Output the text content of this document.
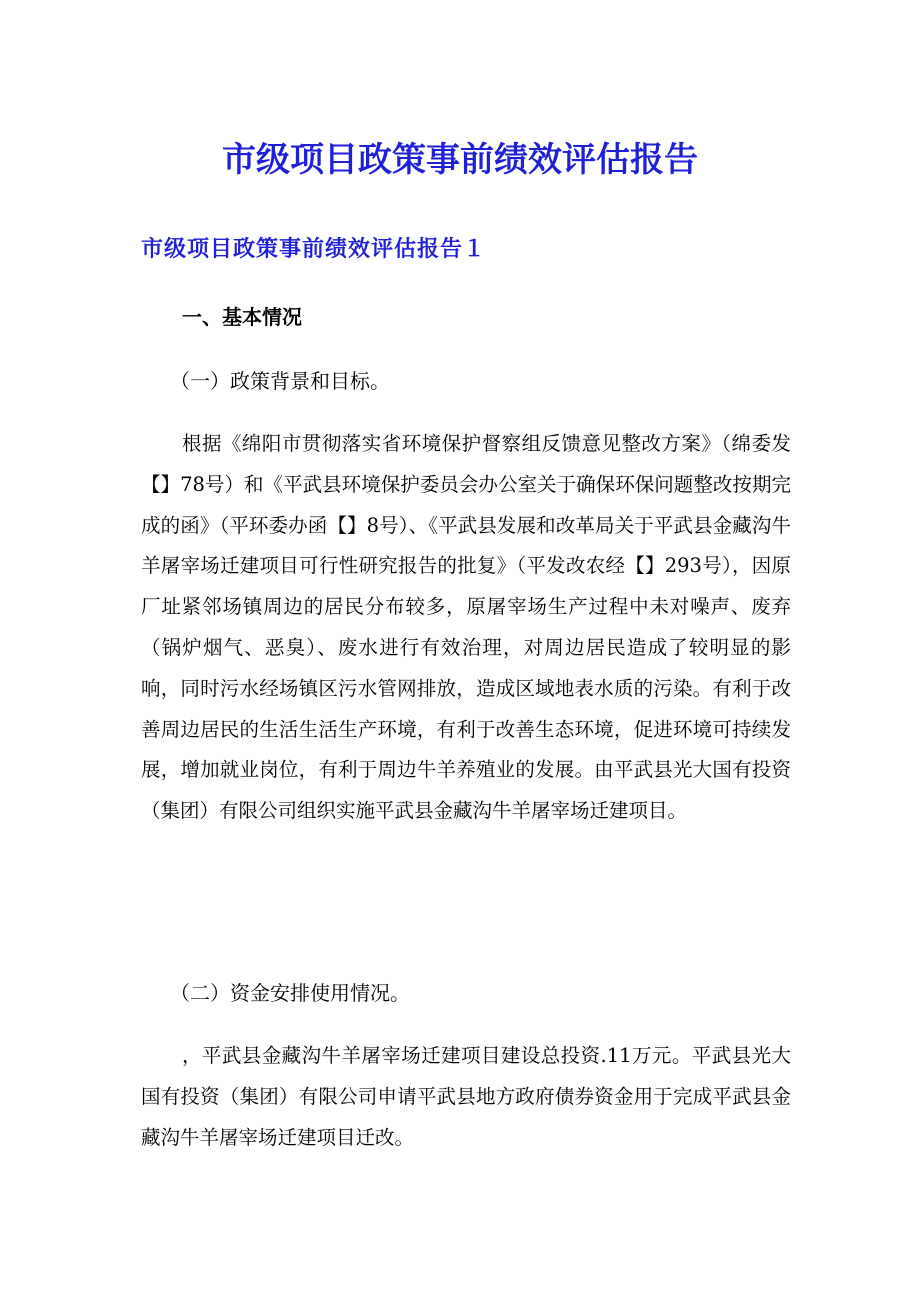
市级项目政策事前绩效评估报告
市级项目政策事前绩效评估报告１
一、基本情况

（一）政策背景和目标。

根据《绵阳市贯彻落实省环境保护督察组反馈意见整改方案》（绵委发【】78号）和《平武县环境保护委员会办公室关于确保环保问题整改按期完成的函》（平环委办函【】8号）、《平武县发展和改革局关于平武县金藏沟牛羊屠宰场迁建项目可行性研究报告的批复》（平发改农经【】293号），因原厂址紧邻场镇周边的居民分布较多，原屠宰场生产过程中未对噪声、废弃（锅炉烟气、恶臭）、废水进行有效治理，对周边居民造成了较明显的影响，同时污水经场镇区污水管网排放，造成区域地表水质的污染。有利于改善周边居民的生活生活生产环境，有利于改善生态环境，促进环境可持续发展，增加就业岗位，有利于周边牛羊养殖业的发展。由平武县光大国有投资（集团）有限公司组织实施平武县金藏沟牛羊屠宰场迁建项目。

（二）资金安排使用情况。

，平武县金藏沟牛羊屠宰场迁建项目建设总投资.11万元。平武县光大国有投资（集团）有限公司申请平武县地方政府债券资金用于完成平武县金藏沟牛羊屠宰场迁建项目迁改。
